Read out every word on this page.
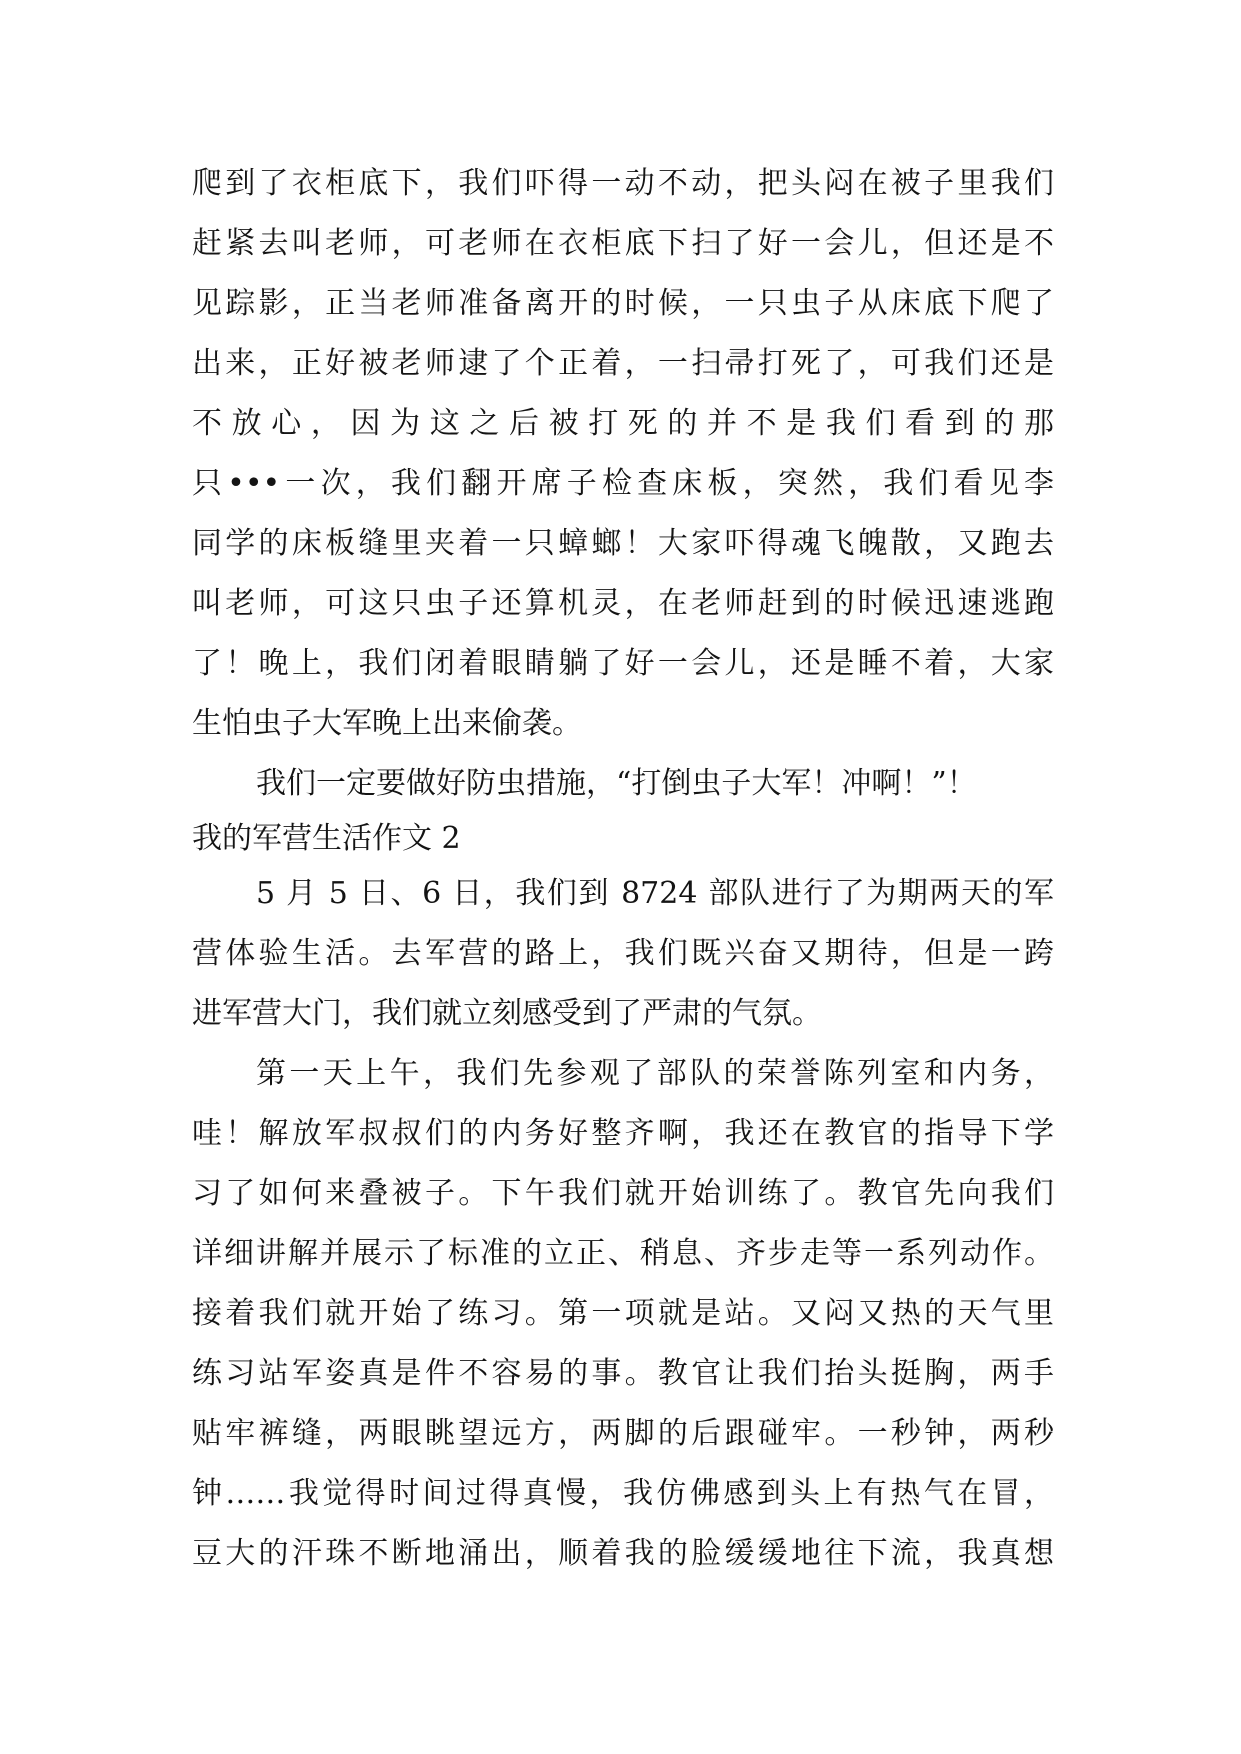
爬到了衣柜底下，我们吓得一动不动，把头闷在被子里我们
赶紧去叫老师，可老师在衣柜底下扫了好一会儿，但还是不
见踪影，正当老师准备离开的时候，一只虫子从床底下爬了
出来，正好被老师逮了个正着，一扫帚打死了，可我们还是
不放心，因为这之后被打死的并不是我们看到的那
只•••一次，我们翻开席子检查床板，突然，我们看见李
同学的床板缝里夹着一只蟑螂！大家吓得魂飞魄散，又跑去
叫老师，可这只虫子还算机灵，在老师赶到的时候迅速逃跑
了！晚上，我们闭着眼睛躺了好一会儿，还是睡不着，大家
生怕虫子大军晚上出来偷袭。
我们一定要做好防虫措施，“打倒虫子大军！冲啊！”！
我的军营生活作文 2
5 月 5 日、6 日，我们到 8724 部队进行了为期两天的军
营体验生活。去军营的路上，我们既兴奋又期待，但是一跨
进军营大门，我们就立刻感受到了严肃的气氛。
第一天上午，我们先参观了部队的荣誉陈列室和内务，
哇！解放军叔叔们的内务好整齐啊，我还在教官的指导下学
习了如何来叠被子。下午我们就开始训练了。教官先向我们
详细讲解并展示了标准的立正、稍息、齐步走等一系列动作。
接着我们就开始了练习。第一项就是站。又闷又热的天气里
练习站军姿真是件不容易的事。教官让我们抬头挺胸，两手
贴牢裤缝，两眼眺望远方，两脚的后跟碰牢。一秒钟，两秒
钟……我觉得时间过得真慢，我仿佛感到头上有热气在冒，
豆大的汗珠不断地涌出，顺着我的脸缓缓地往下流，我真想
